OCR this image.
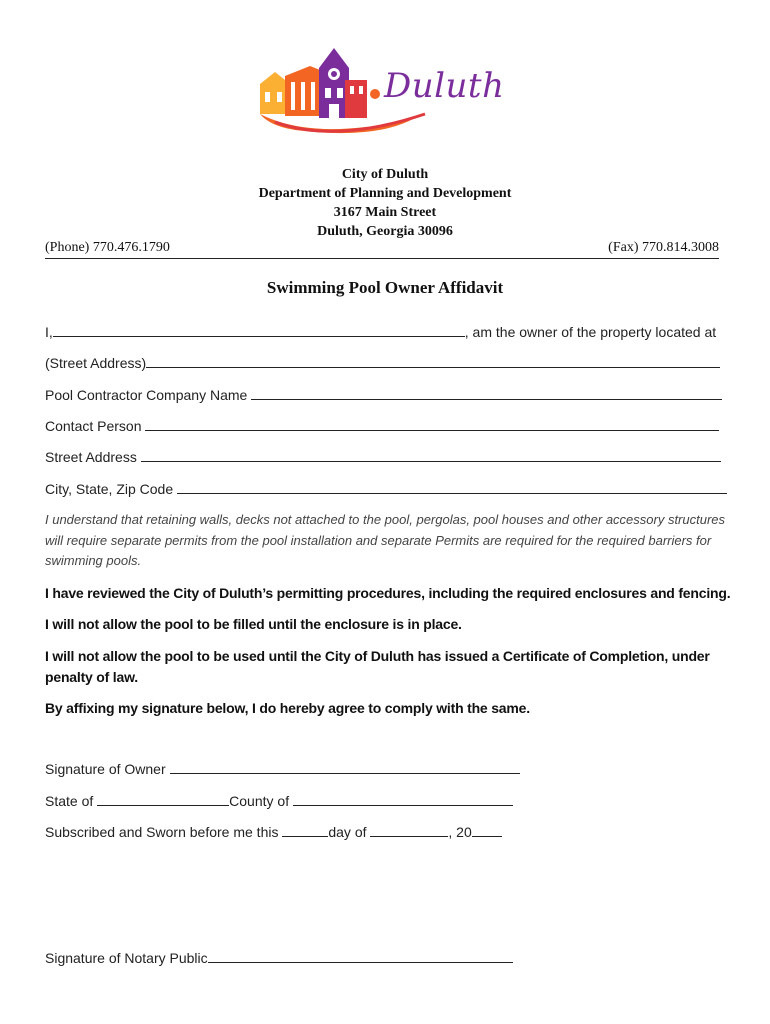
Duluth
City of Duluth
Department of Planning and Development
3167 Main Street
Duluth, Georgia 30096
(Phone) 770.476.1790	(Fax) 770.814.3008
Swimming Pool Owner Affidavit
I,	, am the owner of the property located at
(Street Address)
Pool Contractor Company Name
Contact Person
Street Address
City, State, Zip Code
I understand that retaining walls, decks not attached to the pool, pergolas, pool houses and other accessory structures will require separate permits from the pool installation and separate Permits are required for the required barriers for swimming pools.
I have reviewed the City of Duluth’s permitting procedures, including the required enclosures and fencing.
I will not allow the pool to be filled until the enclosure is in place.
I will not allow the pool to be used until the City of Duluth has issued a Certificate of Completion, under penalty of law.
By affixing my signature below, I do hereby agree to comply with the same.
Signature of Owner
State of	County of
Subscribed and Sworn before me this	day of	, 20
Signature of Notary Public
